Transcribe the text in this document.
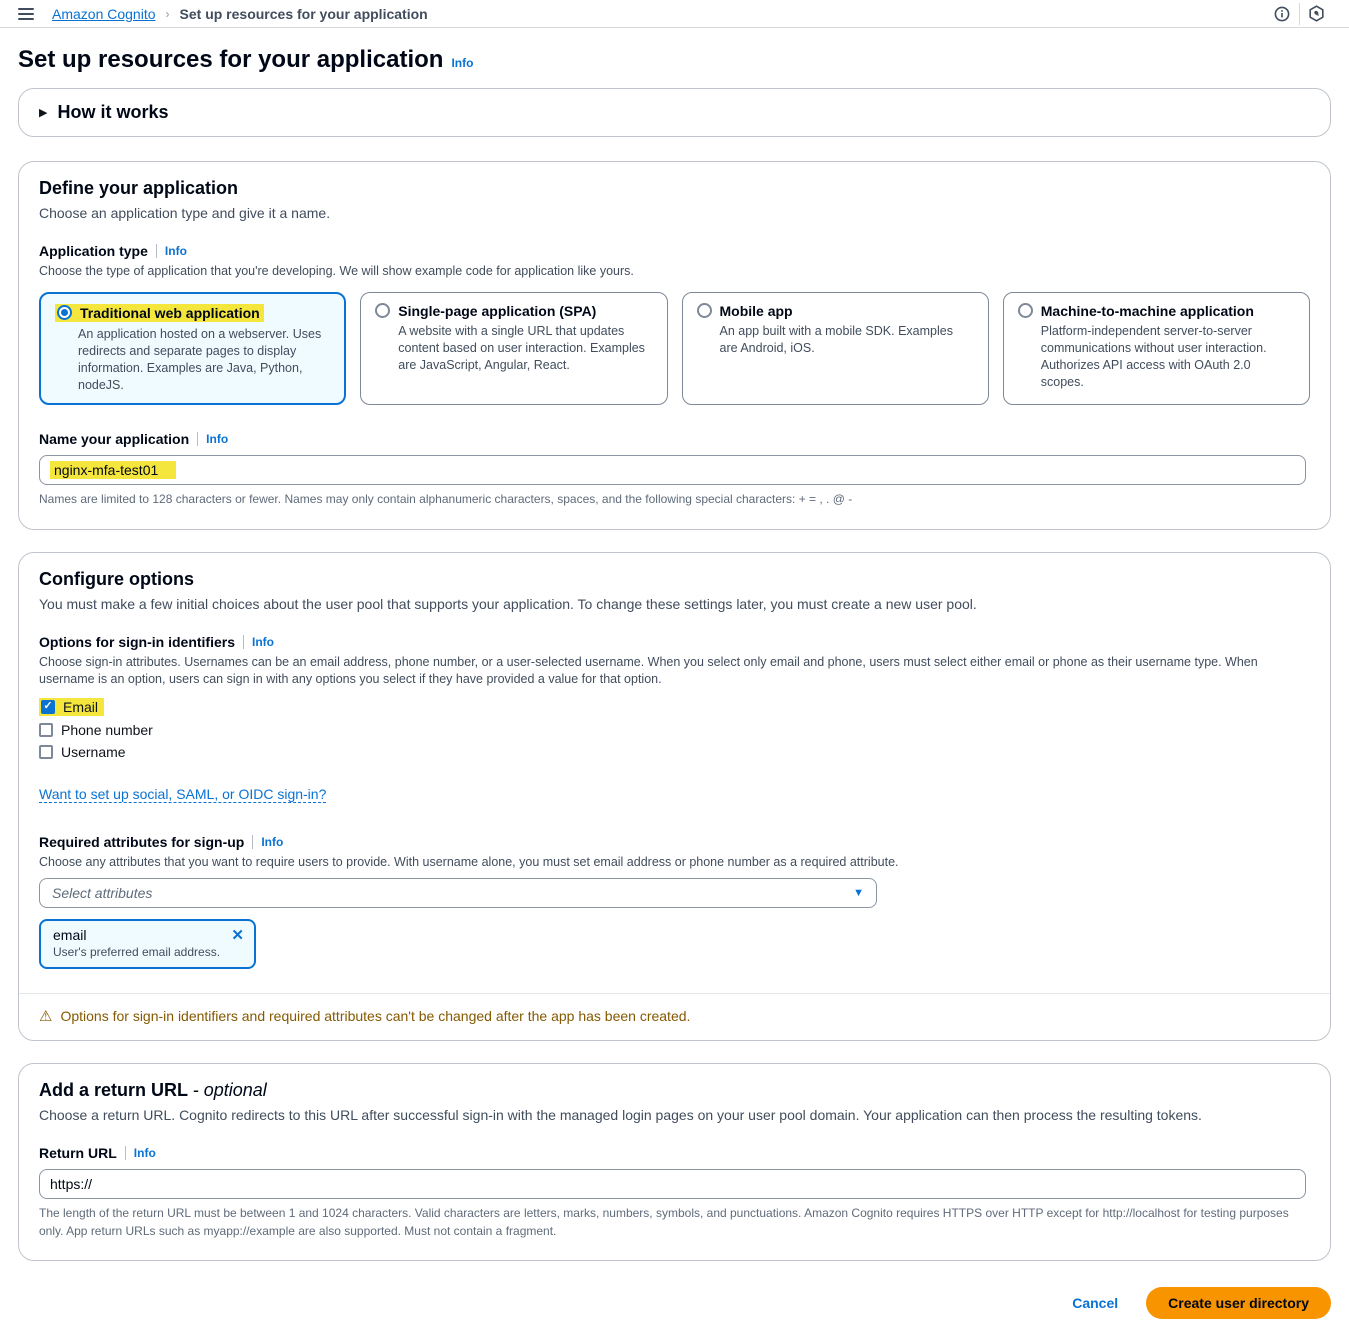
Amazon Cognito › Set up resources for your application
Set up resources for your application Info
▶ How it works
Define your application
Choose an application type and give it a name.
Application type Info
Choose the type of application that you're developing. We will show example code for application like yours.
Traditional web application
An application hosted on a webserver. Uses redirects and separate pages to display information. Examples are Java, Python, nodeJS.
Single-page application (SPA)
A website with a single URL that updates content based on user interaction. Examples are JavaScript, Angular, React.
Mobile app
An app built with a mobile SDK. Examples are Android, iOS.
Machine-to-machine application
Platform-independent server-to-server communications without user interaction. Authorizes API access with OAuth 2.0 scopes.
Name your application Info
nginx-mfa-test01
Names are limited to 128 characters or fewer. Names may only contain alphanumeric characters, spaces, and the following special characters: + = , . @ -
Configure options
You must make a few initial choices about the user pool that supports your application. To change these settings later, you must create a new user pool.
Options for sign-in identifiers Info
Choose sign-in attributes. Usernames can be an email address, phone number, or a user-selected username. When you select only email and phone, users must select either email or phone as their username type. When username is an option, users can sign in with any options you select if they have provided a value for that option.
✓ Email
Phone number
Username
Want to set up social, SAML, or OIDC sign-in?
Required attributes for sign-up Info
Choose any attributes that you want to require users to provide. With username alone, you must set email address or phone number as a required attribute.
Select attributes	▼
email	✕
User's preferred email address.
⚠ Options for sign-in identifiers and required attributes can't be changed after the app has been created.
Add a return URL - optional
Choose a return URL. Cognito redirects to this URL after successful sign-in with the managed login pages on your user pool domain. Your application can then process the resulting tokens.
Return URL Info
https://
The length of the return URL must be between 1 and 1024 characters. Valid characters are letters, marks, numbers, symbols, and punctuations. Amazon Cognito requires HTTPS over HTTP except for http://localhost for testing purposes only. App return URLs such as myapp://example are also supported. Must not contain a fragment.
Cancel	Create user directory
